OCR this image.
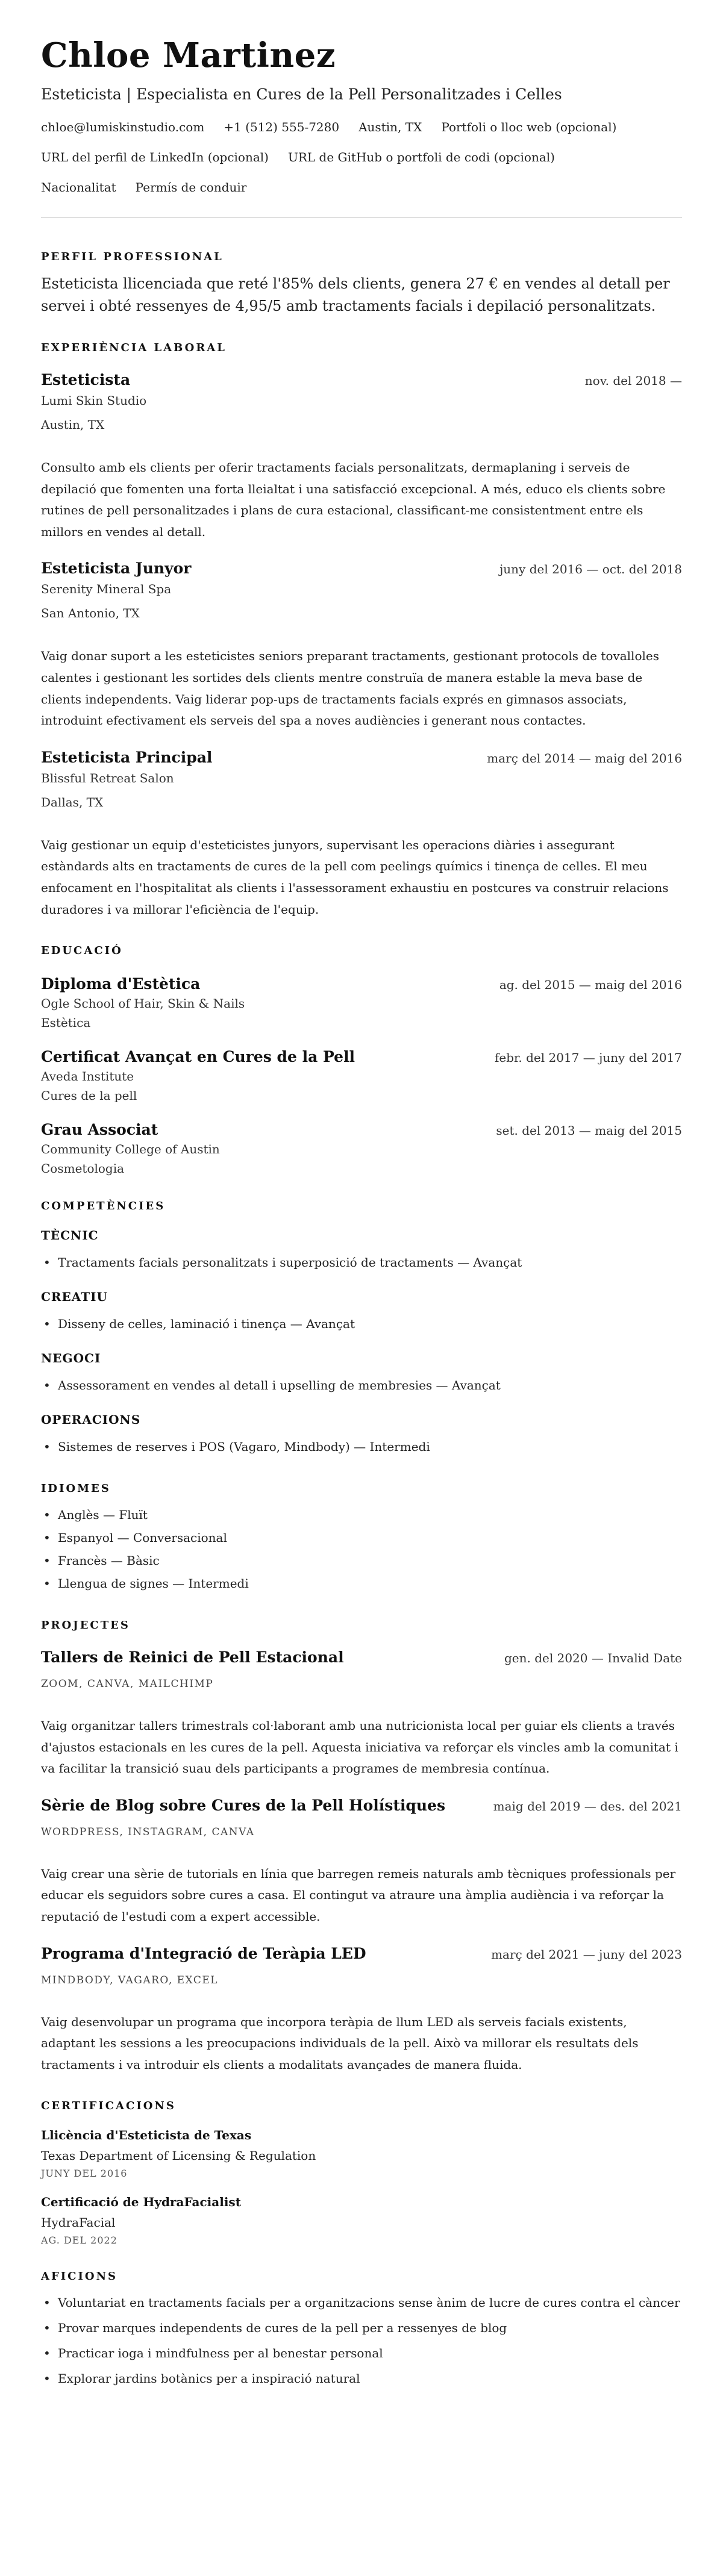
Chloe Martinez
Esteticista | Especialista en Cures de la Pell Personalitzades i Celles
chloe@lumiskinstudio.com +1 (512) 555-7280 Austin, TX Portfoli o lloc web (opcional)
URL del perfil de LinkedIn (opcional) URL de GitHub o portfoli de codi (opcional)
Nacionalitat Permís de conduir
PERFIL PROFESSIONAL

Esteticista llicenciada que reté l'85% dels clients, genera 27 € en vendes al detall per servei i obté ressenyes de 4,95/5 amb tractaments facials i depilació personalitzats.

EXPERIÈNCIA LABORAL
Esteticista	nov. del 2018 —
Lumi Skin Studio
Austin, TX

Consulto amb els clients per oferir tractaments facials personalitzats, dermaplaning i serveis de depilació que fomenten una forta lleialtat i una satisfacció excepcional. A més, educo els clients sobre rutines de pell personalitzades i plans de cura estacional, classificant-me consistentment entre els millors en vendes al detall.

Esteticista Junyor	juny del 2016 — oct. del 2018
Serenity Mineral Spa
San Antonio, TX

Vaig donar suport a les esteticistes seniors preparant tractaments, gestionant protocols de tovalloles calentes i gestionant les sortides dels clients mentre construïa de manera estable la meva base de clients independents. Vaig liderar pop-ups de tractaments facials exprés en gimnasos associats, introduint efectivament els serveis del spa a noves audiències i generant nous contactes.

Esteticista Principal	març del 2014 — maig del 2016
Blissful Retreat Salon
Dallas, TX

Vaig gestionar un equip d'esteticistes junyors, supervisant les operacions diàries i assegurant estàndards alts en tractaments de cures de la pell com peelings químics i tinença de celles. El meu enfocament en l'hospitalitat als clients i l'assessorament exhaustiu en postcures va construir relacions duradores i va millorar l'eficiència de l'equip.

EDUCACIÓ
Diploma d'Estètica	ag. del 2015 — maig del 2016
Ogle School of Hair, Skin & Nails
Estètica
Certificat Avançat en Cures de la Pell	febr. del 2017 — juny del 2017
Aveda Institute
Cures de la pell
Grau Associat	set. del 2013 — maig del 2015
Community College of Austin
Cosmetologia
COMPETÈNCIES
TÈCNIC
• Tractaments facials personalitzats i superposició de tractaments — Avançat
CREATIU
• Disseny de celles, laminació i tinença — Avançat
NEGOCI
• Assessorament en vendes al detall i upselling de membresies — Avançat
OPERACIONS
• Sistemes de reserves i POS (Vagaro, Mindbody) — Intermedi
IDIOMES
• Anglès — Fluït
• Espanyol — Conversacional
• Francès — Bàsic
• Llengua de signes — Intermedi
PROJECTES
Tallers de Reinici de Pell Estacional	gen. del 2020 — Invalid Date
ZOOM, CANVA, MAILCHIMP

Vaig organitzar tallers trimestrals col·laborant amb una nutricionista local per guiar els clients a través d'ajustos estacionals en les cures de la pell. Aquesta iniciativa va reforçar els vincles amb la comunitat i va facilitar la transició suau dels participants a programes de membresia contínua.

Sèrie de Blog sobre Cures de la Pell Holístiques	maig del 2019 — des. del 2021
WORDPRESS, INSTAGRAM, CANVA

Vaig crear una sèrie de tutorials en línia que barregen remeis naturals amb tècniques professionals per educar els seguidors sobre cures a casa. El contingut va atraure una àmplia audiència i va reforçar la reputació de l'estudi com a expert accessible.

Programa d'Integració de Teràpia LED	març del 2021 — juny del 2023
MINDBODY, VAGARO, EXCEL

Vaig desenvolupar un programa que incorpora teràpia de llum LED als serveis facials existents, adaptant les sessions a les preocupacions individuals de la pell. Això va millorar els resultats dels tractaments i va introduir els clients a modalitats avançades de manera fluida.

CERTIFICACIONS
Llicència d'Esteticista de Texas
Texas Department of Licensing & Regulation
JUNY DEL 2016
Certificació de HydraFacialist
HydraFacial
AG. DEL 2022
AFICIONS
• Voluntariat en tractaments facials per a organitzacions sense ànim de lucre de cures contra el càncer
• Provar marques independents de cures de la pell per a ressenyes de blog
• Practicar ioga i mindfulness per al benestar personal
• Explorar jardins botànics per a inspiració natural
